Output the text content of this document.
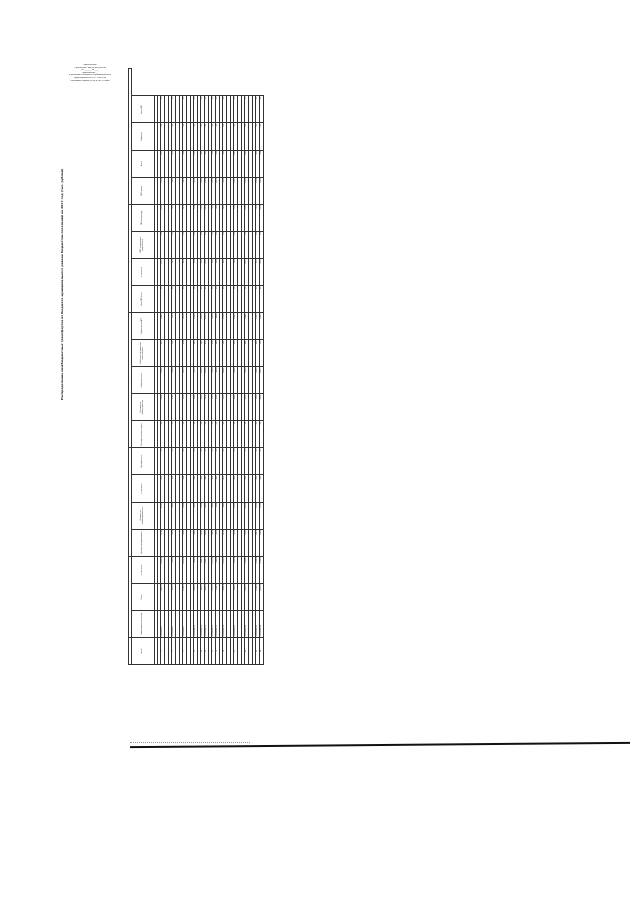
Приложение
к решению Совета депутатов
от _______ № ____
Приложение __
к решению о бюджете муниципального
образования на 2017 год и на
плановый период 2018 и 2019 годов
Распределение межбюджетных трансфертов из бюджета муниципального района бюджетам поселений на 2017 год (тыс. рублей)
	Всего			Дотации				Субсидии					Субвенции				Иные межбюджетные трансферты			
№ п/п	Наименование поселения	Всего	в том числе	Дотации на выравнивание	Дотации на сбалансированность	в том числе	Субсидии всего	Субсидии на ремонт дорог	Субсидии на благоустройство	Субвенции всего	Субвенции на первичный воинский учет	Субвенции на ЗАГС	Иные МБТ всего	в том числе	МБТ на дорожную деятельность	МБТ на культуру	МБТ прочие	Итого	Справочно	Итого МБТ
1	2	3	4	5	6	7	8	9	10	11	12	13	14	15	16	17	18	19	20	21
	Всего по району	378829,5	363611,1	15218,4	22371,4	1487,8	0,0	0,0	12254,5	45198,3	1442,5	42179,3	0,0	3016,5	0,0	3016,5	13758,9	1197,1	0,0	0,0
1	Поселение 1	14811,2	14239,8	571,4	1013,5	56,4	0,0	0,0	466,0	1643,2	55,1	1588,1	0,0	115,7	0,0	115,7	521,4	45,3	0,0	0,0
2	Поселение 2	9624,7	9211,3	413,4	714,6	39,8	0,0	0,0	328,2	1192,7	38,9	1153,8	0,0	81,4	0,0	81,4	367,8	31,9	0,0	0,0
3	Поселение 3	12458,1	11987,5	470,6	842,3	47,1	0,0	0,0	388,5	1412,6	46,2	1366,4	0,0	96,8	0,0	96,8	435,1	37,8	0,0	0,0
4	Поселение 4	8317,9	7968,4	349,5	598,1	33,2	0,0	0,0	274,6	1004,8	32,5	972,3	0,0	68,1	0,0	68,1	308,7	26,7	0,0	0,0
5	Поселение 5	16273,4	15668,2	605,2	1108,9	61,7	0,0	0,0	509,3	1798,4	60,3	1738,1	0,0	126,9	0,0	126,9	571,2	49,6	0,0	0,0
6	Поселение 6	7542,6	7234,1	308,5	533,7	29,6	0,0	0,0	245,1	897,6	29,0	868,6	0,0	60,8	0,0	60,8	275,4	23,8	0,0	0,0
7	Поселение 7	11185,3	10752,8	432,5	769,4	42,8	0,0	0,0	353,9	1277,3	41,8	1235,5	0,0	87,2	0,0	87,2	396,5	34,4	0,0	0,0
8	Поселение 8	13697,8	13176,9	520,9	926,5	51,5	0,0	0,0	425,6	1548,9	50,6	1498,3	0,0	106,1	0,0	106,1	476,8	41,4	0,0	0,0
9	Поселение 9	6918,2	6631,7	286,5	489,9	27,2	0,0	0,0	225,1	824,3	26,6	797,7	0,0	55,8	0,0	55,8	252,9	21,9	0,0	0,0
10	Поселение 10	10236,5	9838,2	398,3	704,2	39,2	0,0	0,0	324,0	1169,1	38,3	1130,8	0,0	79,8	0,0	79,8	362,9	31,5	0,0	0,0
11	Поселение 11	15348,9	14771,6	577,3	1045,8	58,2	0,0	0,0	480,3	1696,2	56,9	1639,3	0,0	119,7	0,0	119,7	538,7	46,8	0,0	0,0
12	Поселение 12	8865,1	8497,6	367,5	637,8	35,4	0,0	0,0	292,9	1071,5	34,6	1036,9	0,0	72,6	0,0	72,6	329,2	28,5	0,0	0,0
13	Поселение 13	12874,6	12386,1	488,5	870,7	48,4	0,0	0,0	401,6	1459,8	47,7	1412,1	0,0	100,0	0,0	100,0	449,8	39,0	0,0	0,0
14	Поселение 14	9973,4	9577,3	396,1	685,9	38,2	0,0	0,0	315,6	1138,7	37,3	1101,4	0,0	77,7	0,0	77,7	353,4	30,7	0,0	0,0
15	Поселение 15	11612,7	11165,8	446,9	798,9	44,4	0,0	0,0	367,4	1326,2	43,4	1282,8	0,0	90,5	0,0	90,5	411,6	35,7	0,0	0,0
16	Поселение 16	7284,5	6984,2	300,3	515,4	28,6	0,0	0,0	236,7	866,8	28,0	838,8	0,0	58,7	0,0	58,7	266,0	23,0	0,0	0,0
17	Поселение 17	14152,3	13616,0	536,3	957,2	53,2	0,0	0,0	439,7	1600,3	52,3	1548,0	0,0	109,6	0,0	109,6	492,6	42,8	0,0	0,0
18	Поселение 18	10589,8	10178,5	411,3	728,6	40,5	0,0	0,0	335,3	1209,6	39,6	1170,0	0,0	82,5	0,0	82,5	375,5	32,6	0,0	0,0
19	Поселение 19	8143,6	7802,9	340,7	585,3	32,5	0,0	0,0	268,7	983,3	31,8	951,5	0,0	66,6	0,0	66,6	302,2	26,2	0,0	0,0
20	Поселение 20	13306,2	12800,4	505,8	900,1	50,0	0,0	0,0	415,1	1509,0	49,3	1459,7	0,0	103,3	0,0	103,3	464,9	40,3	0,0	0,0
21	Поселение 21	9412,7	9032,8	379,9	653,0	36,3	0,0	0,0	299,9	1098,2	35,5	1062,7	0,0	74,4	0,0	74,4	337,1	29,3	0,0	0,0
22	Поселение 22	12037,4	11578,2	459,2	820,0	45,6	0,0	0,0	377,1	1373,9	44,9	1329,0	0,0	93,9	0,0	93,9	423,3	36,8	0,0	0,0
23	Поселение 23	7856,1	7527,8	328,3	560,1	31,1	0,0	0,0	257,7	944,5	30,5	914,0	0,0	64,0	0,0	64,0	290,1	25,1	0,0	0,0
24	Поселение 24	15819,6	15224,1	595,5	1077,4	59,9	0,0	0,0	495,0	1747,2	58,6	1688,6	0,0	123,3	0,0	123,3	555,0	48,2	0,0	0,0
25	Поселение 25	10761,8	10343,1	418,7	741,0	41,2	0,0	0,0	341,0	1230,9	40,3	1190,6	0,0	84,0	0,0	84,0	382,1	33,2	0,0	0,0
26	Поселение 26	9187,3	8813,0	374,3	642,4	35,7	0,0	0,0	295,0	1080,1	34,9	1045,2	0,0	73,2	0,0	73,2	331,8	28,8	0,0	0,0
27	Поселение 27	11948,5	11492,4	456,1	813,6	45,2	0,0	0,0	374,2	1362,7	44,6	1318,1	0,0	93,1	0,0	93,1	419,8	36,5	0,0	0,0
28	Поселение 28	14506,4	13958,4	548,0	979,2	54,4	0,0	0,0	449,6	1637,1	53,5	1583,6	0,0	112,2	0,0	112,2	504,0	43,8	0,0	0,0
